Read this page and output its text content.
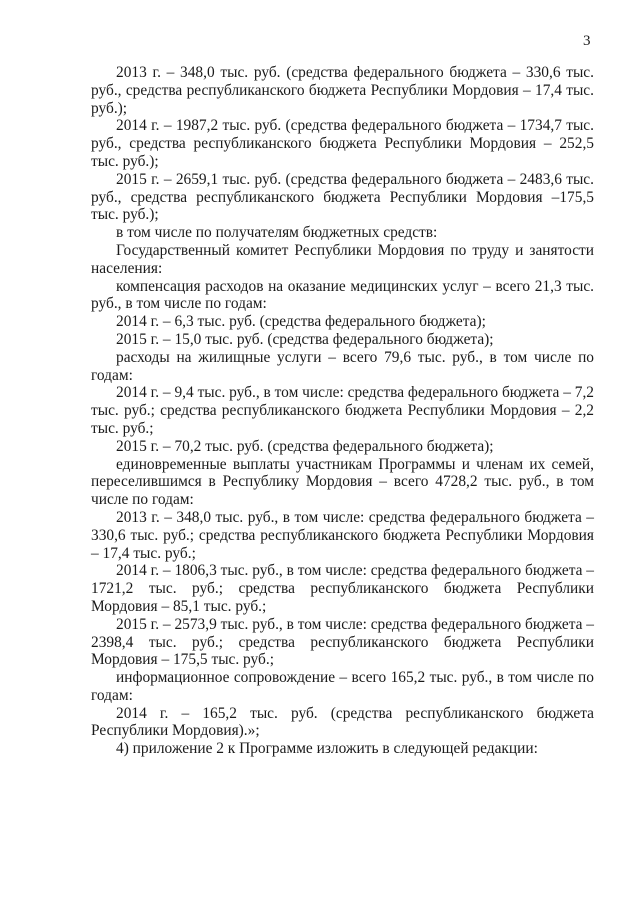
3

2013 г. – 348,0 тыс. руб. (средства федерального бюджета – 330,6 тыс. руб., средства республиканского бюджета Республики Мордовия – 17,4 тыс. руб.);

2014 г. – 1987,2 тыс. руб. (средства федерального бюджета – 1734,7 тыс. руб., средства республиканского бюджета Республики Мордовия – 252,5 тыс. руб.);

2015 г. – 2659,1 тыс. руб. (средства федерального бюджета – 2483,6 тыс. руб., средства республиканского бюджета Республики Мордовия –175,5 тыс. руб.);

в том числе по получателям бюджетных средств:

Государственный комитет Республики Мордовия по труду и занятости населения:

компенсация расходов на оказание медицинских услуг – всего 21,3 тыс. руб., в том числе по годам:

2014 г. – 6,3 тыс. руб. (средства федерального бюджета);

2015 г. – 15,0 тыс. руб. (средства федерального бюджета);

расходы на жилищные услуги – всего 79,6 тыс. руб., в том числе по годам:

2014 г. – 9,4 тыс. руб., в том числе: средства федерального бюджета – 7,2 тыс. руб.; средства республиканского бюджета Республики Мордовия – 2,2 тыс. руб.;

2015 г. – 70,2 тыс. руб. (средства федерального бюджета);

единовременные выплаты участникам Программы и членам их семей, переселившимся в Республику Мордовия – всего 4728,2 тыс. руб., в том числе по годам:

2013 г. – 348,0 тыс. руб., в том числе: средства федерального бюджета – 330,6 тыс. руб.; средства республиканского бюджета Республики Мордовия – 17,4 тыс. руб.;

2014 г. – 1806,3 тыс. руб., в том числе: средства федерального бюджета – 1721,2 тыс. руб.; средства республиканского бюджета Республики Мордовия – 85,1 тыс. руб.;

2015 г. – 2573,9 тыс. руб., в том числе: средства федерального бюджета – 2398,4 тыс. руб.; средства республиканского бюджета Республики Мордовия – 175,5 тыс. руб.;

информационное сопровождение – всего 165,2 тыс. руб., в том числе по годам:

2014 г. – 165,2 тыс. руб. (средства республиканского бюджета Республики Мордовия).»;

4) приложение 2 к Программе изложить в следующей редакции:
